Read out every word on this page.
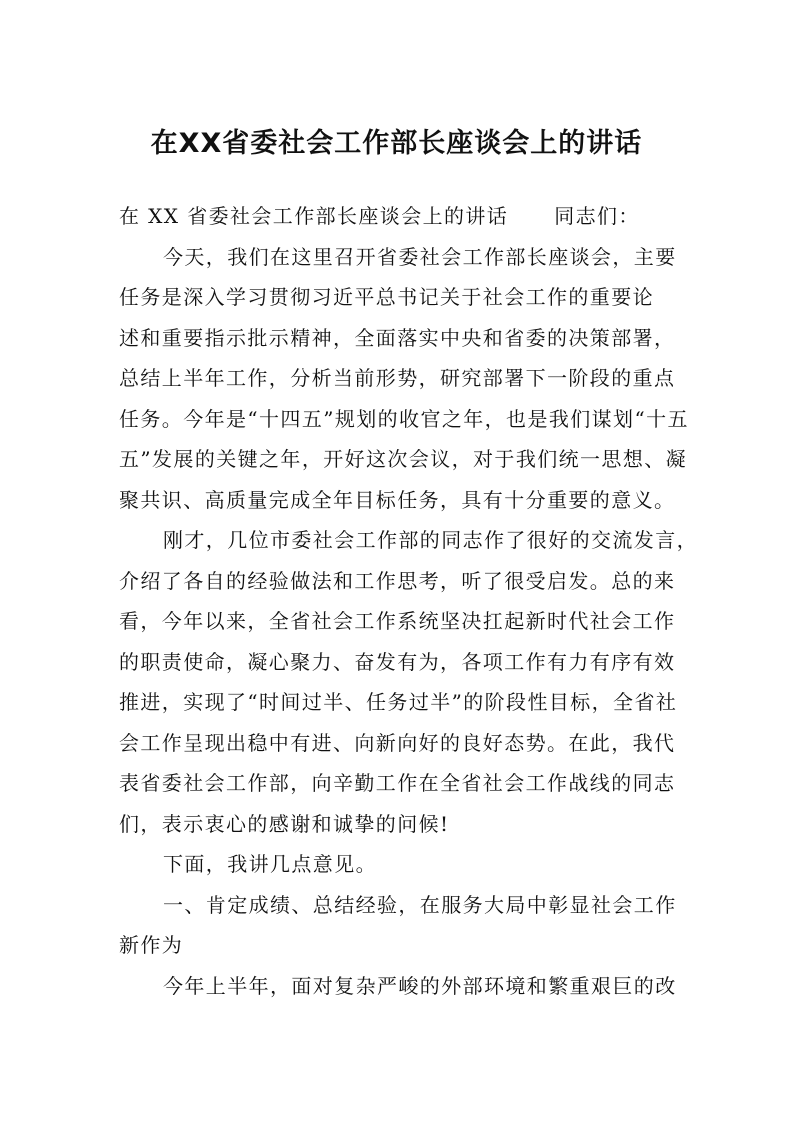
在XX省委社会工作部长座谈会上的讲话
在 XX 省委社会工作部长座谈会上的讲话 同志们：
今天，我们在这里召开省委社会工作部长座谈会，主要
任务是深入学习贯彻习近平总书记关于社会工作的重要论
述和重要指示批示精神，全面落实中央和省委的决策部署，
总结上半年工作，分析当前形势，研究部署下一阶段的重点
任务。今年是“十四五”规划的收官之年，也是我们谋划“十五
五”发展的关键之年，开好这次会议，对于我们统一思想、凝
聚共识、高质量完成全年目标任务，具有十分重要的意义。
刚才，几位市委社会工作部的同志作了很好的交流发言，
介绍了各自的经验做法和工作思考，听了很受启发。总的来
看，今年以来，全省社会工作系统坚决扛起新时代社会工作
的职责使命，凝心聚力、奋发有为，各项工作有力有序有效
推进，实现了“时间过半、任务过半”的阶段性目标，全省社
会工作呈现出稳中有进、向新向好的良好态势。在此，我代
表省委社会工作部，向辛勤工作在全省社会工作战线的同志
们，表示衷心的感谢和诚挚的问候!
下面，我讲几点意见。
一、肯定成绩、总结经验，在服务大局中彰显社会工作
新作为
今年上半年，面对复杂严峻的外部环境和繁重艰巨的改
